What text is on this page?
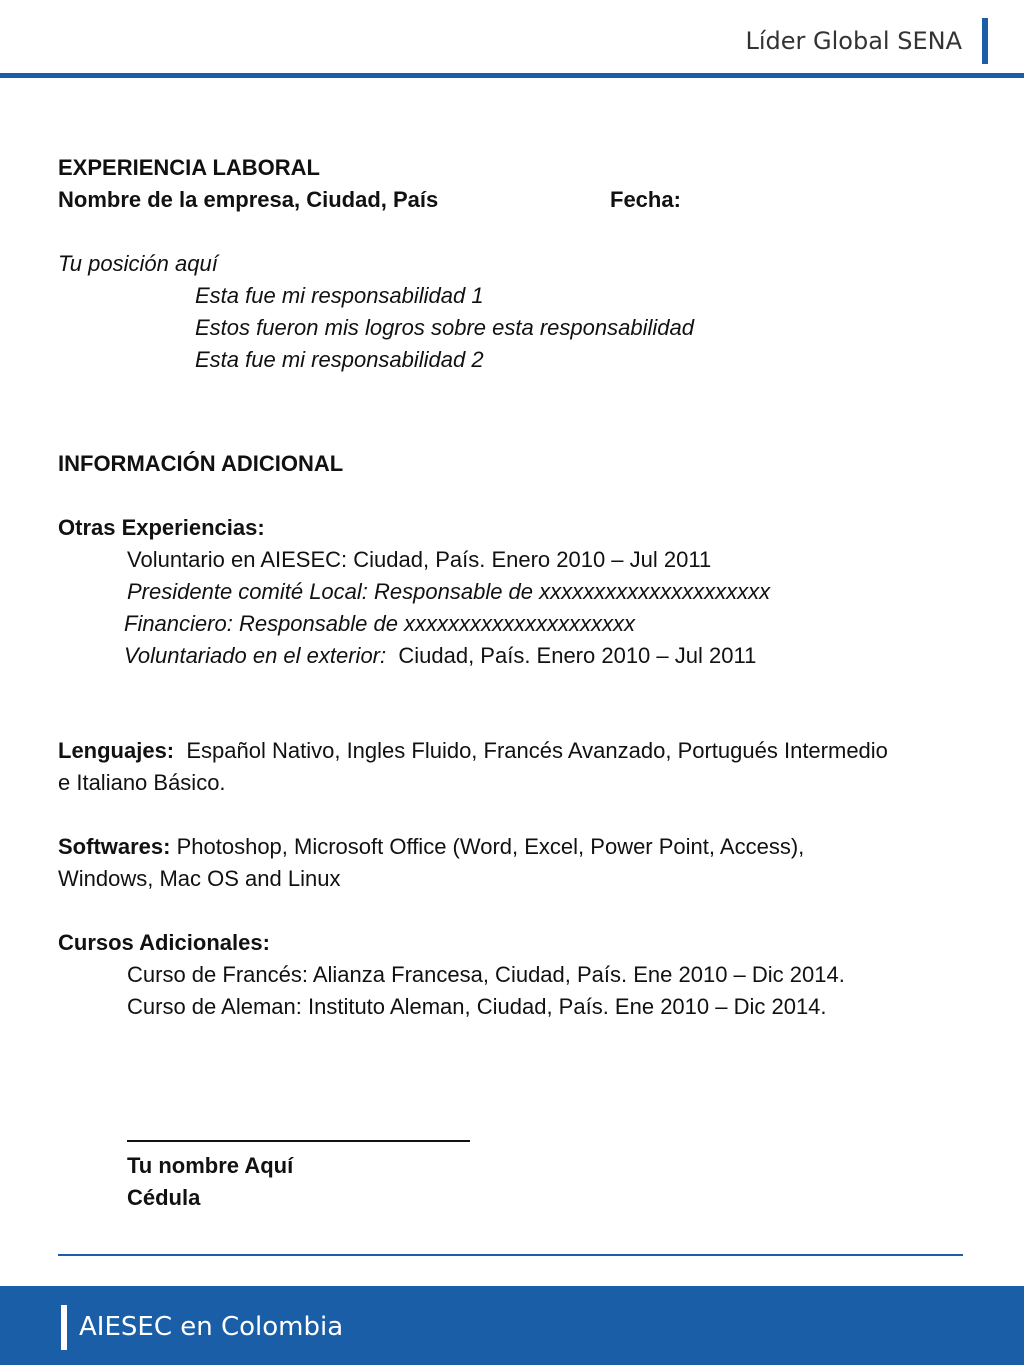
Líder Global SENA
EXPERIENCIA LABORAL
Nombre de la empresa, Ciudad, País	Fecha:
Tu posición aquí
Esta fue mi responsabilidad 1
Estos fueron mis logros sobre esta responsabilidad
Esta fue mi responsabilidad 2
INFORMACIÓN ADICIONAL
Otras Experiencias:
Voluntario en AIESEC: Ciudad, País. Enero 2010 – Jul 2011
Presidente comité Local: Responsable de xxxxxxxxxxxxxxxxxxxxx
Financiero: Responsable de xxxxxxxxxxxxxxxxxxxxx
Voluntariado en el exterior:  Ciudad, País. Enero 2010 – Jul 2011
Lenguajes:  Español Nativo, Ingles Fluido, Francés Avanzado, Portugués Intermedio
e Italiano Básico.
Softwares: Photoshop, Microsoft Office (Word, Excel, Power Point, Access),
Windows, Mac OS and Linux
Cursos Adicionales:
Curso de Francés: Alianza Francesa, Ciudad, País. Ene 2010 – Dic 2014.
Curso de Aleman: Instituto Aleman, Ciudad, País. Ene 2010 – Dic 2014.
Tu nombre Aquí
Cédula
AIESEC en Colombia
